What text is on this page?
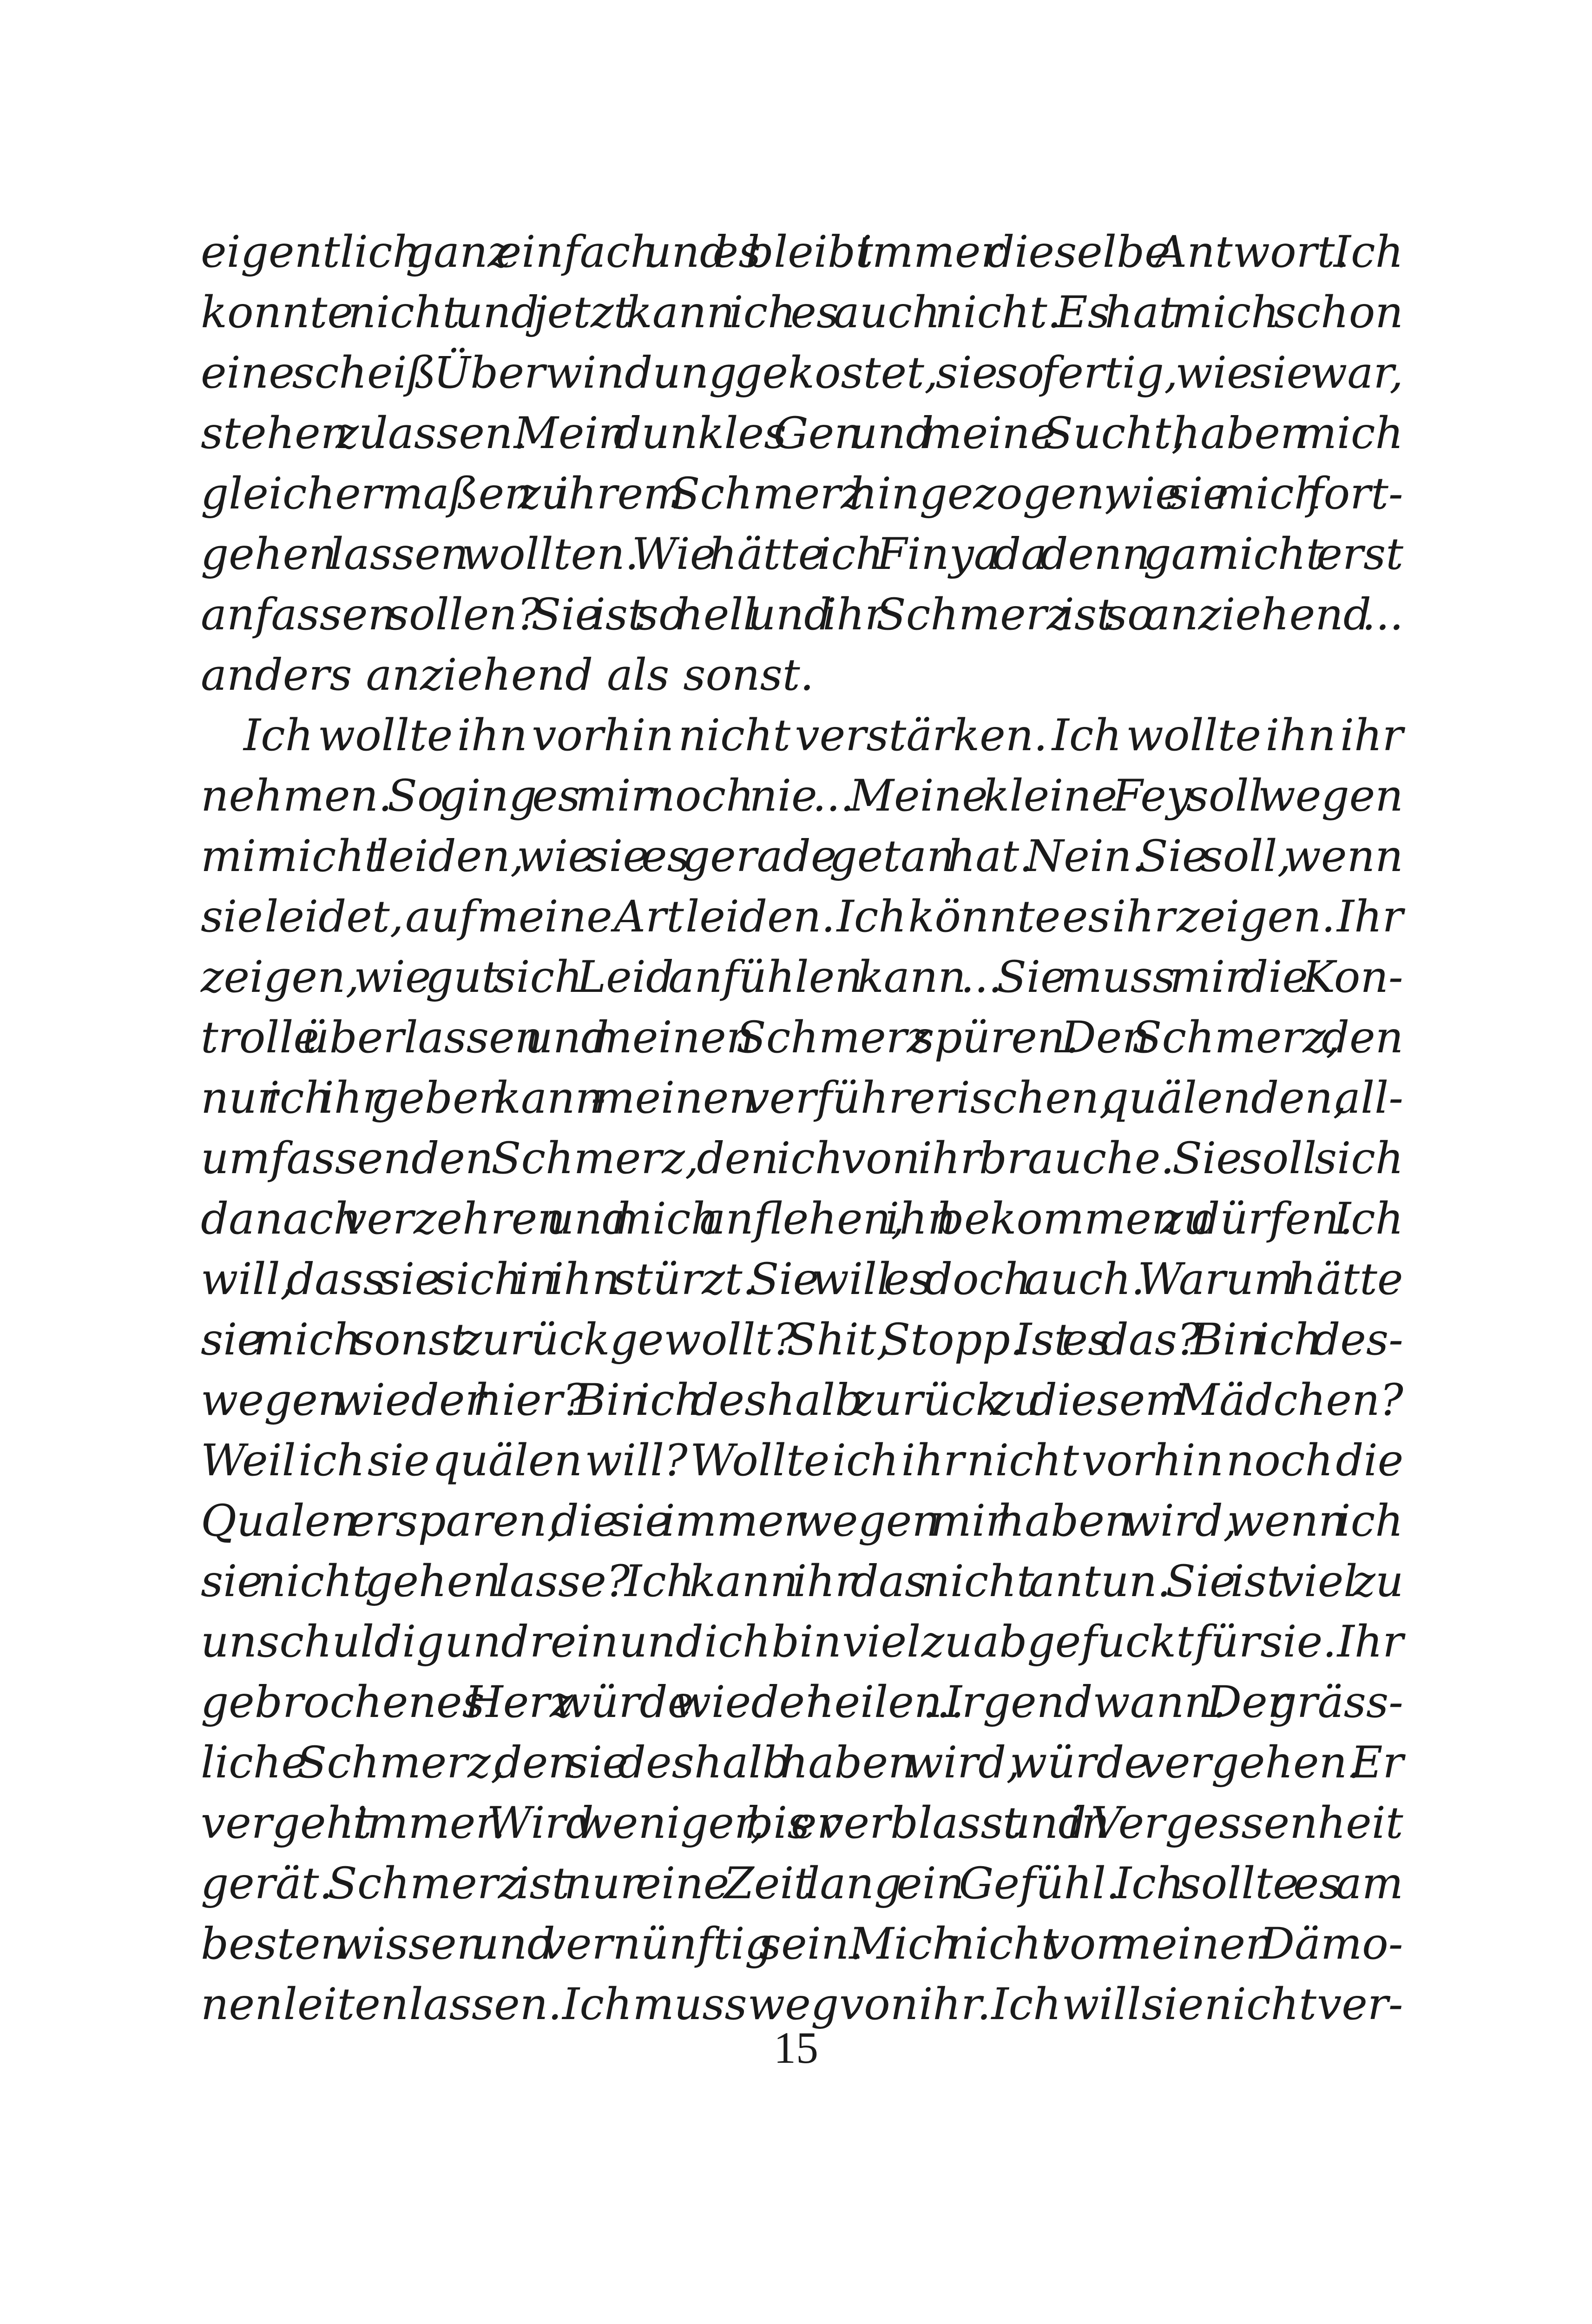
eigentlich ganz einfach und es bleibt immer dieselbe Antwort. Ich
konnte nicht und jetzt kann ich es auch nicht. Es hat mich schon
eine scheiß Überwindung gekostet, sie so fertig, wie sie war,
stehen zu lassen. Mein dunkles Gen und meine Sucht, haben mich
gleichermaßen zu ihrem Schmerz hingezogen, wie sie mich fort-
gehen lassen wollten. Wie hätte ich Finya da denn gar nicht erst
anfassen sollen? Sie ist so hell und ihr Schmerz ist so anziehend ...
anders anziehend als sonst.
Ich wollte ihn vorhin nicht verstärken. Ich wollte ihn ihr
nehmen. So ging es mir noch nie ... Meine kleine Fey soll wegen
mir nicht leiden, wie sie es gerade getan hat. Nein. Sie soll, wenn
sie leidet, auf meine Art leiden. Ich könnte es ihr zeigen. Ihr
zeigen, wie gut sich Leid anfühlen kann ... Sie muss mir die Kon-
trolle überlassen und meinen Schmerz spüren. Den Schmerz, den
nur ich ihr geben kann - meinen verführerischen, quälenden, all-
umfassenden Schmerz, den ich von ihr brauche. Sie soll sich
danach verzehren und mich anflehen, ihn bekommen zu dürfen. Ich
will, dass sie sich in ihn stürzt. Sie will es doch auch. Warum hätte
sie mich sonst zurückgewollt? Shit, Stopp. Ist es das? Bin ich des-
wegen wieder hier? Bin ich deshalb zurück zu diesem Mädchen?
Weil ich sie quälen will? Wollte ich ihr nicht vorhin noch die
Qualen ersparen, die sie immer wegen mir haben wird, wenn ich
sie nicht gehen lasse? Ich kann ihr das nicht antun. Sie ist viel zu
unschuldig und rein und ich bin viel zu abgefuckt für sie. Ihr
gebrochenes Herz würde wieder heilen ... Irgendwann. Der gräss-
liche Schmerz, den sie deshalb haben wird, würde vergehen. Er
vergeht immer. Wird weniger, bis er verblasst und in Vergessenheit
gerät. Schmerz ist nur eine Zeit lang ein Gefühl. Ich sollte es am
besten wissen und vernünftig sein. Mich nicht von meinen Dämo-
nen leiten lassen. Ich muss weg von ihr. Ich will sie nicht ver-
15
